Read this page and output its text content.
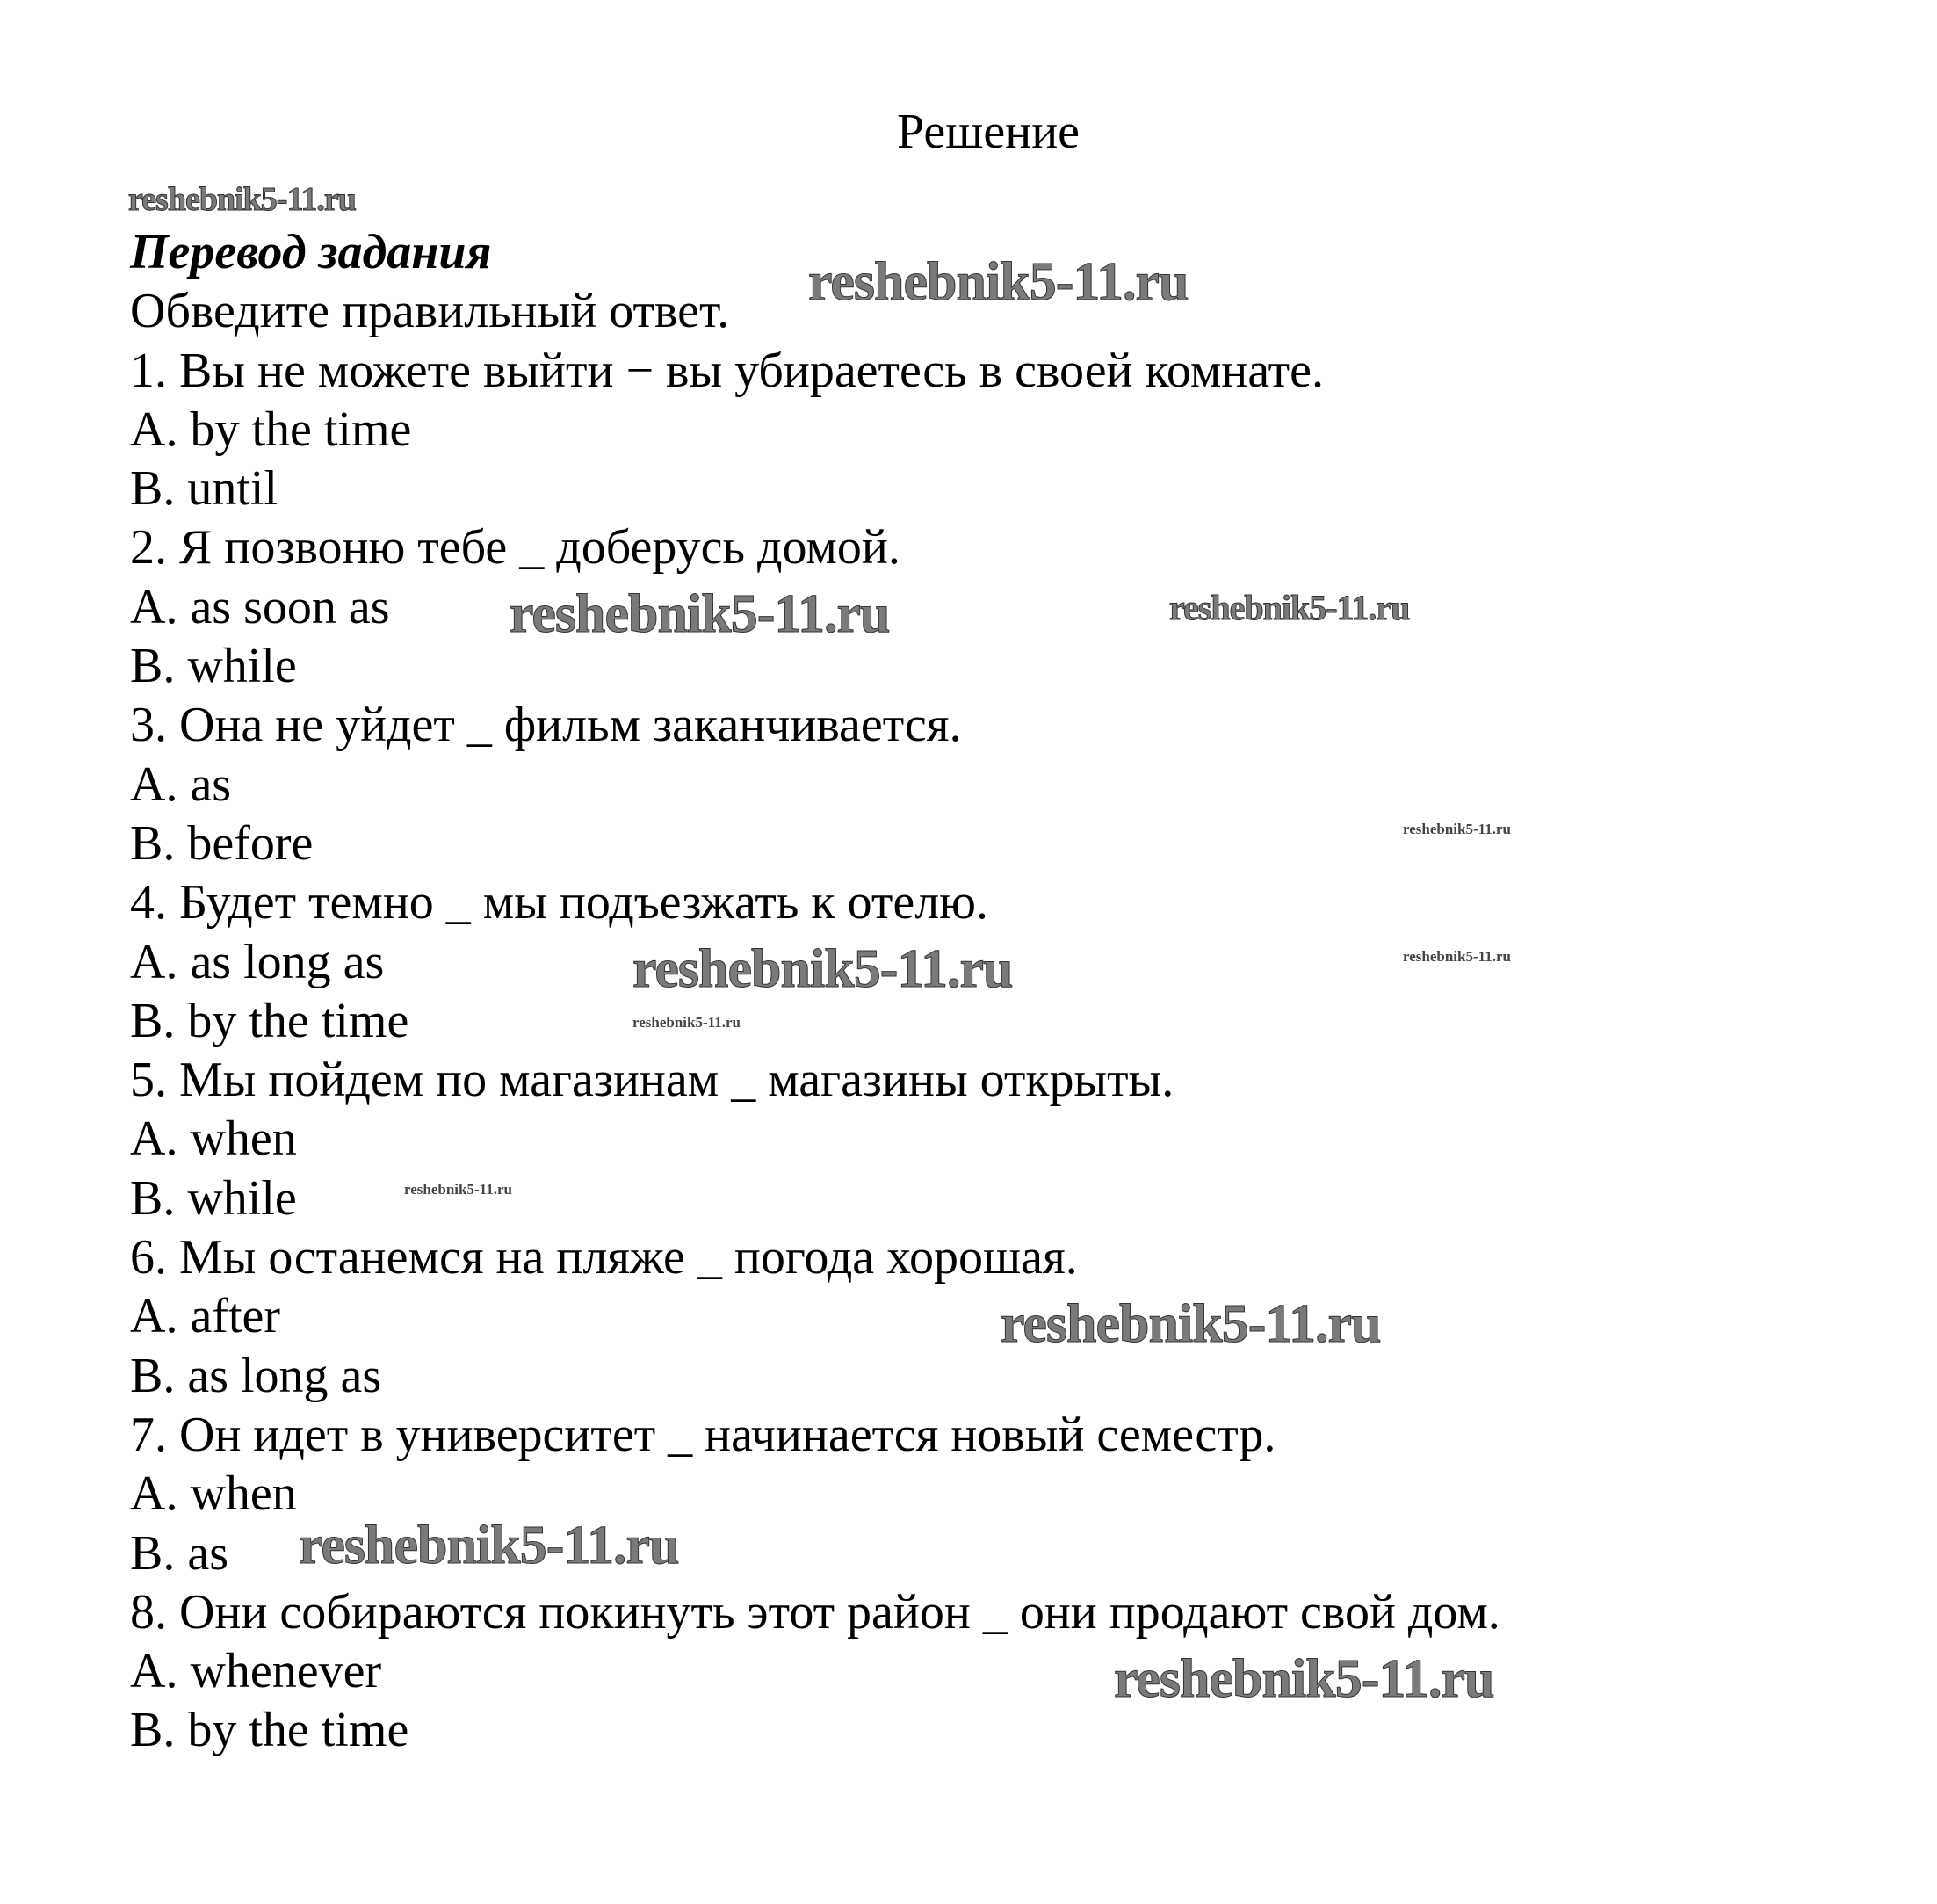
Решение
Перевод задания
Обведите правильный ответ.
1. Вы не можете выйти − вы убираетесь в своей комнате.
A. by the time
B. until
2. Я позвоню тебе _ доберусь домой.
A. as soon as
B. while
3. Она не уйдет _ фильм заканчивается.
A. as
B. before
4. Будет темно _ мы подъезжать к отелю.
A. as long as
B. by the time
5. Мы пойдем по магазинам _ магазины открыты.
A. when
B. while
6. Мы останемся на пляже _ погода хорошая.
A. after
B. as long as
7. Он идет в университет _ начинается новый семестр.
A. when
B. as
8. Они собираются покинуть этот район _ они продают свой дом.
A. whenever
B. by the time
reshebnik5-11.ru
reshebnik5-11.ru
reshebnik5-11.ru	reshebnik5-11.ru
reshebnik5-11.ru
reshebnik5-11.ru
reshebnik5-11.ru
reshebnik5-11.ru
reshebnik5-11.ru
reshebnik5-11.ru
reshebnik5-11.ru
reshebnik5-11.ru
